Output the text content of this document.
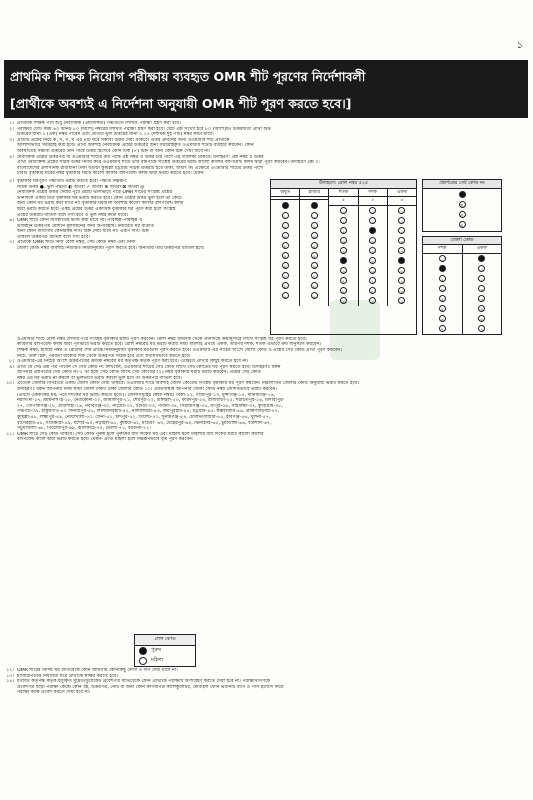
১
প্রাথমিক শিক্ষক নিয়োগ পরীক্ষায় ব্যবহৃত OMR শীট পূরণের নির্দেশাবলী
[প্রার্থীকে অবশ্যই এ নির্দেশনা অনুযায়ী OMR শীট পূরণ করতে হবে।]
১। প্রাথমিক শিক্ষক পদে শুধু নৈর্ব্যক্তিক (এমসিকিউ) পদ্ধতিতে লিখিত পরীক্ষা গ্রহণ করা হবে।
২। পরীক্ষার মোট সময় ৬০ মিনিট ৮০ (আশি) নম্বরের লিখিত পরীক্ষা গ্রহণ করা হবে। মোট প্রশ্ন সংখ্যা হবে ৮০ (আশি)টি। উত্তরদাতা প্রার্থী শুদ্ধ
উত্তরের জন্য ১ (এক) নম্বর পাবেন এবং প্রতিটি ভুল উত্তরের জন্য ০.২৫ (দশমিক দুই পাঁচ) নম্বর কাটা যাবে।
৩। প্রতিটি প্রশ্নের নিচে ক, খ, গ, ঘ এর ৪টি ঘরে সম্ভাব্য উত্তর দেয়া থাকবে। উত্তর প্রদানের জন্য ওএমআর শীট প্রার্থীকে
আলাদাভাবে সরবরাহ করা হবে। প্রার্থী অবশ্যই নৈর্ব্যক্তিক প্রশ্নের উত্তরের জন্য সরবরাহকৃত ওএমআর শীটটি ব্যবহার করবেন। কোন
অবস্থাতেই সম্ভাব্য উত্তরের ডান পার্শ্বে উত্তর হিসেবে কোন টিক (✓) চিহ্ন বা অন্য কোন চিহ্ন দেয়া যাবে না।
৪। নৈর্ব্যক্তিক প্রশ্নের উত্তরপত্র বা ওএমআর শীটের বাম পার্শ্বে প্রশ্ন নম্বর ও উত্তর চার পাশে এই তালিকা থাকবে। উদাহরণ: প্রশ্ন নম্বর ও উত্তর
প্রার্থী নৈর্ব্যক্তিক প্রশ্নের সঠিক উত্তর নির্ণয় করে ওএমআর শীটে তার বামপার্শ্বে সংশ্লিষ্ট উত্তরের ঘরটি কালো কালির বলপয়েন্ট কলম দ্বারা পূরণ করবেন। উদাহরণ প্রশ্ন ৩:
বাংলাদেশের প্রশাসনিক রাজধানী ঢাকা বগুড়া কুমিল্লা চট্টগ্রাম সঠিক উত্তরটি হবে ঢাকা, অর্থাৎ ক। এক্ষেত্রে ওএমআর শীটের উত্তর পাশে
চারটি বৃত্তাকার ঘরের নম্বর বৃত্তাকার ঘরটি কালো কালির বলপয়েন্ট কলম দ্বারা ভরাট করতে হবে। যেমন:
৫। বৃত্তাকার ঘরপূরণ পদ্ধতিটি ভরাট করতে হবে। পদ্ধতি নিম্নরূপ:
সঠিক উত্তর ●, ভুল পদ্ধতি ◐ অথবা ✓ অথবা ⊗ অথবা ⊠ অথবা ◎
নৈর্ব্যক্তিক প্রশ্নের উত্তর দেয়ার পূর্বে প্রশ্নটি ভালভাবে পড়ে OMR শীটের সংশ্লিষ্ট প্রশ্নের
ডানদিকে একটি মাত্র বৃত্তাকার ঘর ভরাট করতে হবে। কোন প্রশ্নের উত্তর ভুল হলে তা কেটে
অন্য কোন ঘর ভরাট করা যাবে না। বৃত্তাকার ঘরগুলি অবশ্যই কালো কালির বলপয়েন্ট কলম
দ্বারা ভরাট করতে হবে। একই প্রশ্নের উত্তর একাধিক বৃত্তাকার ঘর পূরণ করা হলে সংশ্লিষ্ট
প্রশ্নের উত্তরটি বাতিল বলে গণ্য হবে ও ভুল নম্বর কাটা যাবে।
৬। OMR শীটে কোন অবস্থাতেই ভাঁজ করা যাবে না। পরিচ্ছন্ন-পরিচ্ছন্ন ও
ভাঁজহীন উত্তরপত্র মেশিনে মূল্যায়নের জন্য অপরিহার্য। নির্ধারিত ঘর ব্যতীত
অন্য কোন জায়গায় কোনরকম দাগ/ চিহ্ন দেয়া যাবে না। এরূপ দাগ/ চিহ্ন
থাকলে উত্তরপত্র বাতিল বলে গণ্য হবে।
৭। প্রার্থীকে OMR শীটে নিজ রোল নম্বর, সেট কোড নম্বর এবং নিজ
জেলা কোড নম্বর অবশ্যই নির্ধারিত নিয়মানুযায়ী পূরণ করতে হবে। অন্যথায় তার উত্তরপত্র বাতিল হবে।
উদাহরণ: রোল নম্বর ৫২৫
অযুত
০
১
২
৩
৪
৫
৬
৭
৮
৯
হাজার
০
১
২
৩
৪
৫
৬
৭
৮
৯
শতক
৫
০
১
২
৩
৪
৫
৬
৭
৮
৯
দশক
২
০
১
২
৩
৪
৫
৬
৭
৮
৯
একক
৫
০
১
২
৩
৪
৫
৬
৭
৮
৯
প্রশ্নপত্রের সেট কোড নং
ক
খ
গ
ঘ
জেলা কোড
দশক
০
১
২
৩
৪
৫
৬
৭
একক
০
১
২
৩
৪
৫
৬
৭
ওএমআর শীটে রোল নম্বর লেখার পরে সংশ্লিষ্ট বৃত্তাকার ঘরটি পূরণ করবেন। রোল নম্বর বামদিক থেকে ডানদিকে ক্রমানুসারে লিখে সংশ্লিষ্ট ঘর পূরণ করতে হবে।
কারিগরি বলপয়েন্ট কলম দ্বারা পূর্ণভাবে ভরাট করতে হবে। রোল নম্বরের ঘর ভরাট করার সময় অবশ্যই প্রথমে একক, তারপর দশক, শতক এভাবে ক্রম অনুসরণ করবেন।
শিক্ষক নম্বর, হাজার নম্বর ও রোলের শেষ প্রান্তে নিয়মানুযায়ী বৃত্তাকার ঘরগুলি পূরণ করতে হবে। ওএমআর-এর নীচের অংশে জেলা কোড ও প্রশ্নের সেট কোড প্রার্থী পূরণ করবেন।
নিচে, উক্ত চিহ্ন, পরবর্তী বাক্যের দিক থেকে উত্তরপত্র সঠিক হবে এবং যথাযথভাবে করতে হবে।
৮। ওএমআর-এর নিচের অংশে উত্তরপত্রের ক্রমিক নম্বরের ঘর কর্তৃপক্ষ কর্তৃক পূরণ করা হবে। এক্ষেত্রে প্রার্থীর কিছুই করতে হবে না।
৯। প্রার্থী যে সেট প্রশ্ন পত্র পাবেন সে সেট কোড নং লিখবেন, ওএমআর শীটের সেট কোড লিখে সেট কোডের ঘর পূরণ করতে হবে। উদাহরণঃ ধরুন
আপনার প্রশ্নপত্রের সেট কোড নং-২ তা হলে সেট কোড লিখে সেট কোডের (২) নম্বর বৃত্তাকার ঘরটি ভরাট করবেন। প্রশ্নের সেট কোড
নম্বর এর ঘর ভরাট না করলে বা ভুলভাবে ভরাট করলে ভুল হবে তা উত্তরপত্র বাতিল হবে।
১০। প্রত্যেক জেলার বিপরীতে একটি জেলা কোড দেয়া থাকবে। ওএমআর শীটে অবশ্যই জেলা কোডের সংশ্লিষ্ট বৃত্তাকার ঘর পূরণ করবেন। নিম্নলিখিত জেলার কোড অনুযায়ী ভরাট করতে হবে।
উদাহরণঃ ধরুন আপনার নিজ স্থায়ী জেলা ঢাকা। ঢাকা জেলার কোড ১২। এমতাবস্থায় আপনার জেলা কোড নম্বর প্রদর্শিতভাবে ভরাট করবেন।
(প্রথমে একককের ঘর, পরে দশকের ঘর ভরাট করতে হবে।)। জেলাসমূহের কোড নম্বরঃ ঢাকা-১২, গাজীপুর-১৩, মুন্সীগঞ্জ-১৫, মানিকগঞ্জ-১৬,
নরসিংদী-১৭, ময়মনসিংহ-১৮, নেত্রকোনা-২০, জামালপুর-২১, শেরপুর-২২, টাঙ্গাইল-২৩, ফরিদপুর-২৪, রাজবাড়ী-২৫, শরীয়তপুর-২৬, মাদারীপুর-
২৭, গোপালগঞ্জ-২৮, রাজশাহী-২৯, নবাবগঞ্জ-৩০, নাটোর-৩১, বগুড়া-৩৩, পাবনা-৩৪, সিরাজগঞ্জ-৩৫, রংপুর-৩৬, গাইবান্ধা-৩৭, কুড়িগ্রাম-৩৮,
পঞ্চগড়-৩৯, ঠাকুরগাঁও-৪০ দিনাজপুর-৪১, লালমনিরহাট-৪২, নীলফামারী-৪৩, জয়পুরহাট-৪৪, চট্টগ্রাম-৪৫, কক্সবাজার-৪৬, ব্রাহ্মণবাড়ীয়া-৪৭,
কুমিল্লা-৪৮, লক্ষ্মীপুর-৪৯, নোয়াখালী-৫০, ফেনী-৫১, চাঁদপুর-৫২, সিলেট-৫৩, সুনামগঞ্জ-৫৪, মৌলভীবাজার-৫৫, হবিগঞ্জ-৫৬, খুলনা-৫৭,
বাগেরহাট-৫৮, সাতক্ষীরা-৫৯, যশোর-৬০, নড়াইল-৬১, কুষ্টিয়া-৬২, মাগুরা- ৬৩, মেহেরপুর-৬৪, ঝিনাইদহ-৬৫, চুয়াডাঙ্গা-৬৬, বরিশাল-৬৭,
পটুয়াখালী-৬৮, পিরোজপুর-৬৯, ঝালকাঠি-৭০, ভোলা-৭১, বরগুনা-৭২।
১১। OMR শীটে সেট কোড থাকবে। সেট কোড পুরুষ হলে পুরুষের বাম দিকের ঘর এবং মহিলা হলে মহিলার বাম দিকের ঘরটি কালো কালির
বলপয়েন্ট কালি দ্বারা ভরাট করতে হবে। যেমন- প্রার্থী মহিলা হলে নিম্নরূপভাবে বৃত্ত পূরণ করবেন:
লেঙ্গ কোড
পুরুষ
মহিলা
১২। OMR শীটের নির্দিষ্ট ঘর ব্যতিরেকে কোন জায়গায় কোনকিছু লেখা ও দাগ দেয়া যাবে না।
১৩। হাজিরাপত্রের নির্ধারিত ঘরে প্রার্থীকে স্বাক্ষর করতে হবে।
১৪। যথাযথ কর্তৃপক্ষ কর্তৃক ইস্যুকৃত মুদ্রিত/ডুপ্লিকেট প্রবেশপত্র ব্যতিরেকে কোন প্রার্থীকে পরীক্ষায় অংশগ্রহণ করতে দেয়া হবে না। পরীক্ষার্থীগণকে
প্রবেশপত্র ছাড়া পরীক্ষা কেন্দ্রে কোন বই, উত্তরপত্র, নোট বা অন্য কোন কাগজপত্র ক্যালকুলেটর, মোবাইল ফোন ভ্যানিটি ব্যাগ ও পার্স ইত্যাদি নিয়ে
পরীক্ষা কক্ষে প্রবেশ করতে দেয়া হবে না।
